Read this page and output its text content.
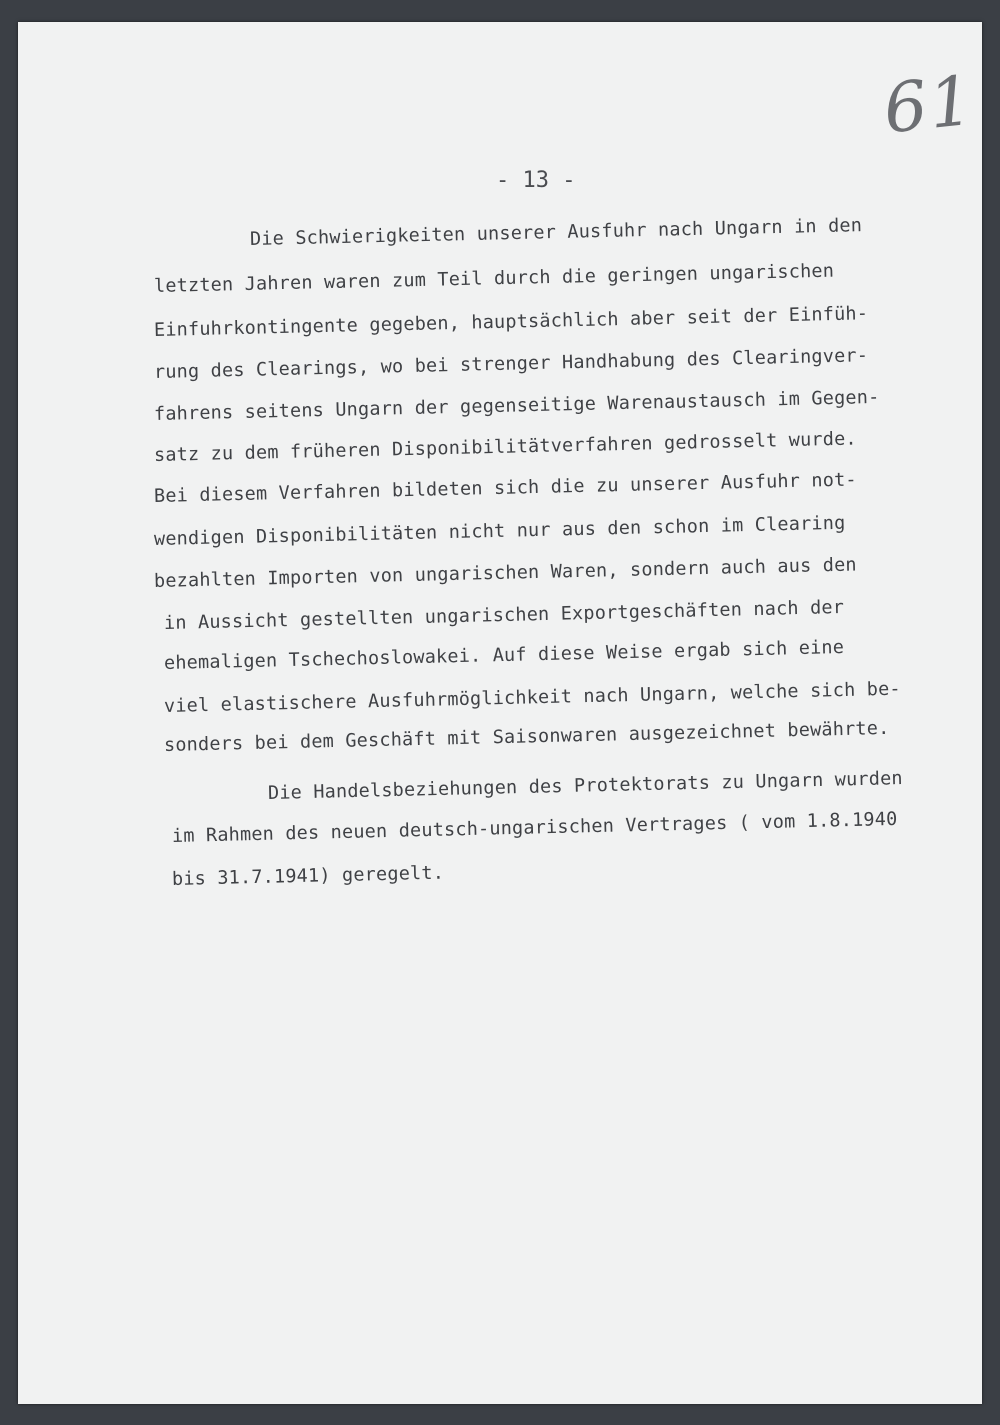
61
- 13 -
Die Schwierigkeiten unserer Ausfuhr nach Ungarn in den
letzten Jahren waren zum Teil durch die geringen ungarischen
Einfuhrkontingente gegeben, hauptsächlich aber seit der Einfüh-
rung des Clearings, wo bei strenger Handhabung des Clearingver-
fahrens seitens Ungarn der gegenseitige Warenaustausch im Gegen-
satz zu dem früheren Disponibilitätverfahren gedrosselt wurde.
Bei diesem Verfahren bildeten sich die zu unserer Ausfuhr not-
wendigen Disponibilitäten nicht nur aus den schon im Clearing
bezahlten Importen von ungarischen Waren, sondern auch aus den
in Aussicht gestellten ungarischen Exportgeschäften nach der
ehemaligen Tschechoslowakei. Auf diese Weise ergab sich eine
viel elastischere Ausfuhrmöglichkeit nach Ungarn, welche sich be-
sonders bei dem Geschäft mit Saisonwaren ausgezeichnet bewährte.
Die Handelsbeziehungen des Protektorats zu Ungarn wurden
im Rahmen des neuen deutsch-ungarischen Vertrages ( vom 1.8.1940
bis 31.7.1941) geregelt.
